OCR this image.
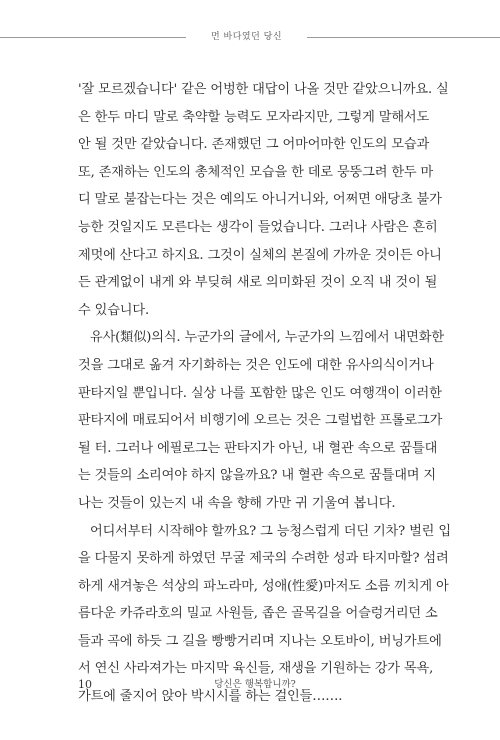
먼 바다였던 당신
'잘 모르겠습니다' 같은 어벙한 대답이 나올 것만 같았으니까요. 실
은 한두 마디 말로 축약할 능력도 모자라지만, 그렇게 말해서도
안 될 것만 같았습니다. 존재했던 그 어마어마한 인도의 모습과
또, 존재하는 인도의 총체적인 모습을 한 데로 뭉뚱그려 한두 마
디 말로 불잡는다는 것은 예의도 아니거니와, 어쩌면 애당초 불가
능한 것일지도 모른다는 생각이 들었습니다. 그러나 사람은 흔히
제멋에 산다고 하지요. 그것이 실체의 본질에 가까운 것이든 아니
든 관계없이 내게 와 부딪혀 새로 의미화된 것이 오직 내 것이 될
수 있습니다.
유사(類似)의식. 누군가의 글에서, 누군가의 느낌에서 내면화한
것을 그대로 옮겨 자기화하는 것은 인도에 대한 유사의식이거나
판타지일 뿐입니다. 실상 나를 포함한 많은 인도 여행객이 이러한
판타지에 매료되어서 비행기에 오르는 것은 그럴법한 프롤로그가
될 터. 그러나 에필로그는 판타지가 아닌, 내 혈관 속으로 꿈틀대
는 것들의 소리여야 하지 않을까요? 내 혈관 속으로 꿈틀대며 지
나는 것들이 있는지 내 속을 향해 가만 귀 기울여 봅니다.
어디서부터 시작해야 할까요? 그 능청스럽게 더딘 기차? 벌린 입
을 다물지 못하게 하였던 무굴 제국의 수려한 성과 타지마할? 섬려
하게 새겨놓은 석상의 파노라마, 성애(性愛)마저도 소름 끼치게 아
름다운 카쥬라호의 밀교 사원들, 좁은 골목길을 어슬렁거리던 소
들과 곡에 하듯 그 길을 빵빵거리며 지나는 오토바이, 버닝가트에
서 연신 사라져가는 마지막 육신들, 재생을 기원하는 강가 목욕,
가트에 줄지어 앉아 박시시를 하는 걸인들…….
10	당신은 행복합니까?
